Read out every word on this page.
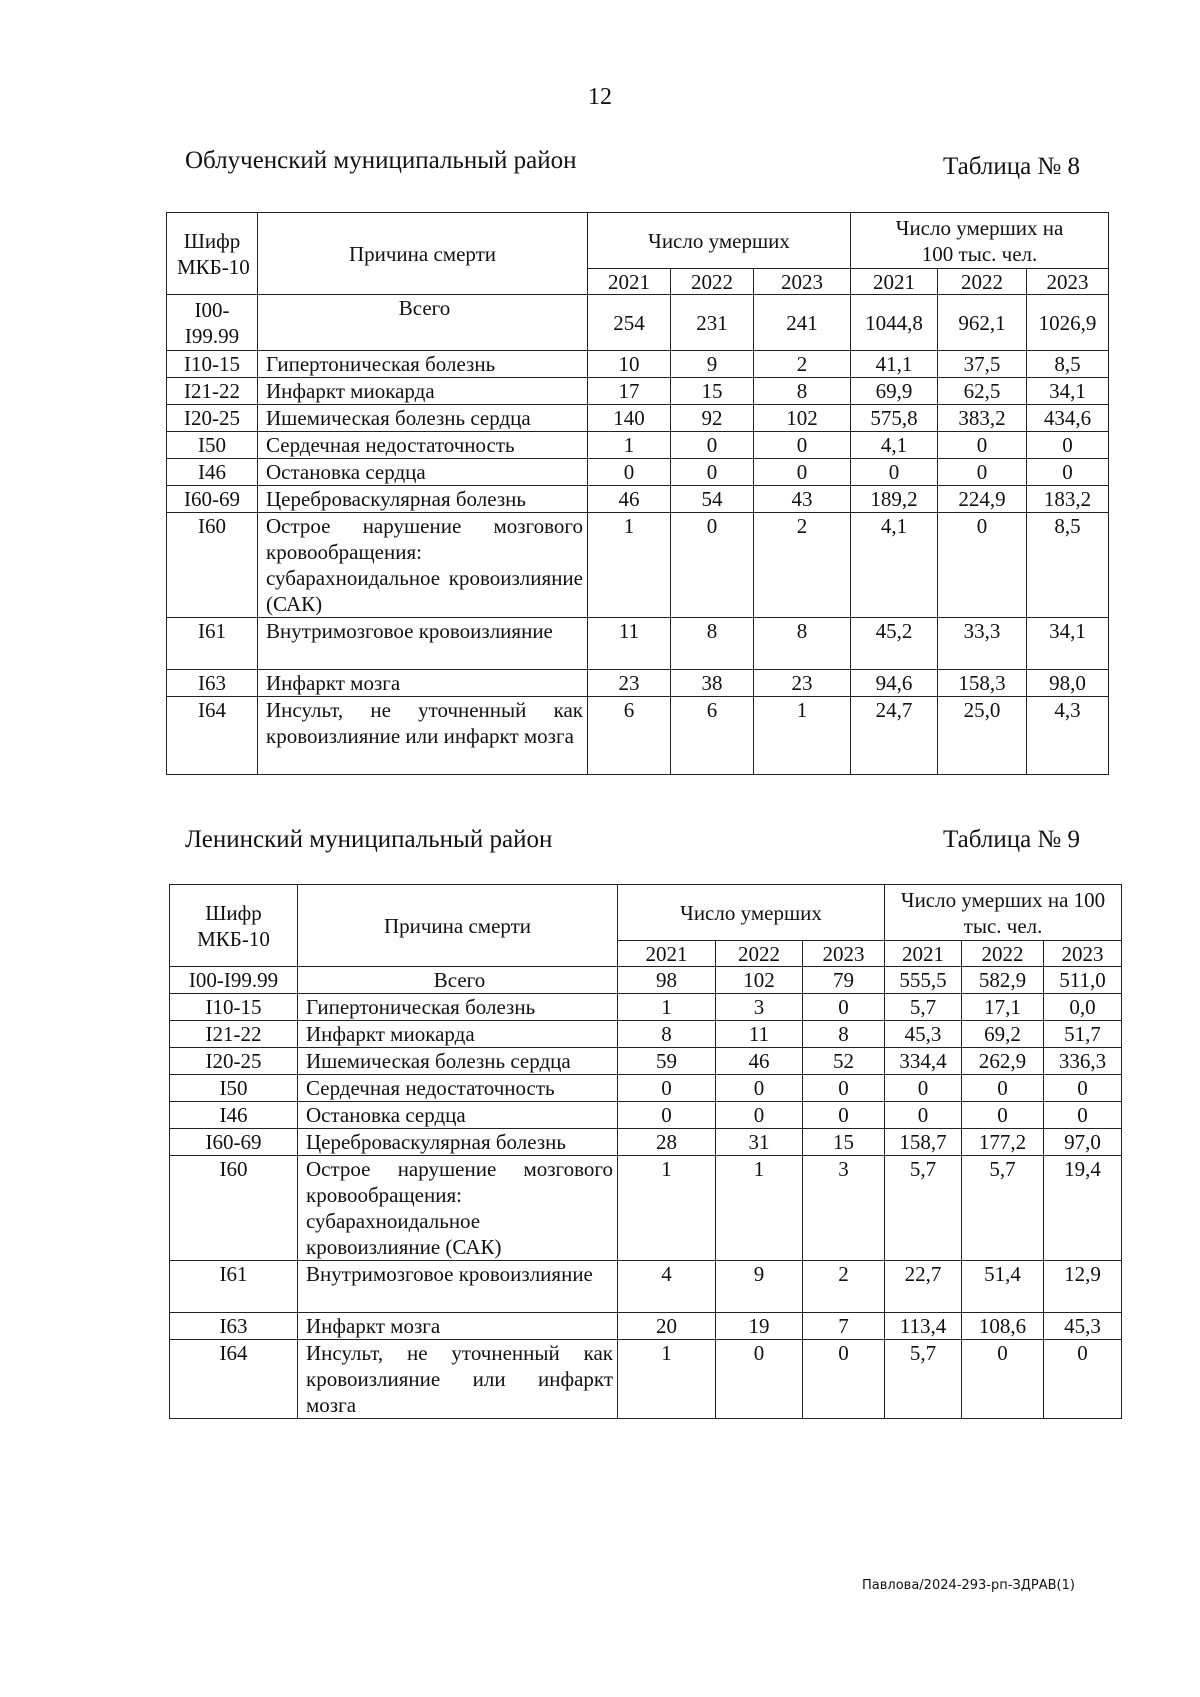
12
Облученский муниципальный район	Таблица № 8
Шифр МКБ-10	Причина смерти	Число умерших			Число умерших на 100 тыс. чел.		
		2021	2022	2023	2021	2022	2023
I00-I99.99	Всего	254	231	241	1044,8	962,1	1026,9
I10-15	Гипертоническая болезнь	10	9	2	41,1	37,5	8,5
I21-22	Инфаркт миокарда	17	15	8	69,9	62,5	34,1
I20-25	Ишемическая болезнь сердца	140	92	102	575,8	383,2	434,6
I50	Сердечная недостаточность	1	0	0	4,1	0	0
I46	Остановка сердца	0	0	0	0	0	0
I60-69	Цереброваскулярная болезнь	46	54	43	189,2	224,9	183,2
I60	Острое нарушение мозгового кровообращения: субарахноидальное кровоизлияние (САК)	1	0	2	4,1	0	8,5
I61	Внутримозговое кровоизлияние	11	8	8	45,2	33,3	34,1
I63	Инфаркт мозга	23	38	23	94,6	158,3	98,0
I64	Инсульт, не уточненный как кровоизлияние или инфаркт мозга	6	6	1	24,7	25,0	4,3
Ленинский муниципальный район	Таблица № 9
Шифр МКБ-10	Причина смерти	Число умерших			Число умерших на 100 тыс. чел.		
		2021	2022	2023	2021	2022	2023
I00-I99.99	Всего	98	102	79	555,5	582,9	511,0
I10-15	Гипертоническая болезнь	1	3	0	5,7	17,1	0,0
I21-22	Инфаркт миокарда	8	11	8	45,3	69,2	51,7
I20-25	Ишемическая болезнь сердца	59	46	52	334,4	262,9	336,3
I50	Сердечная недостаточность	0	0	0	0	0	0
I46	Остановка сердца	0	0	0	0	0	0
I60-69	Цереброваскулярная болезнь	28	31	15	158,7	177,2	97,0
I60	Острое нарушение мозгового кровообращения: субарахноидальное кровоизлияние (САК)	1	1	3	5,7	5,7	19,4
I61	Внутримозговое кровоизлияние	4	9	2	22,7	51,4	12,9
I63	Инфаркт мозга	20	19	7	113,4	108,6	45,3
I64	Инсульт, не уточненный как кровоизлияние или инфаркт мозга	1	0	0	5,7	0	0
Павлова/2024-293-рп-ЗДРАВ(1)
